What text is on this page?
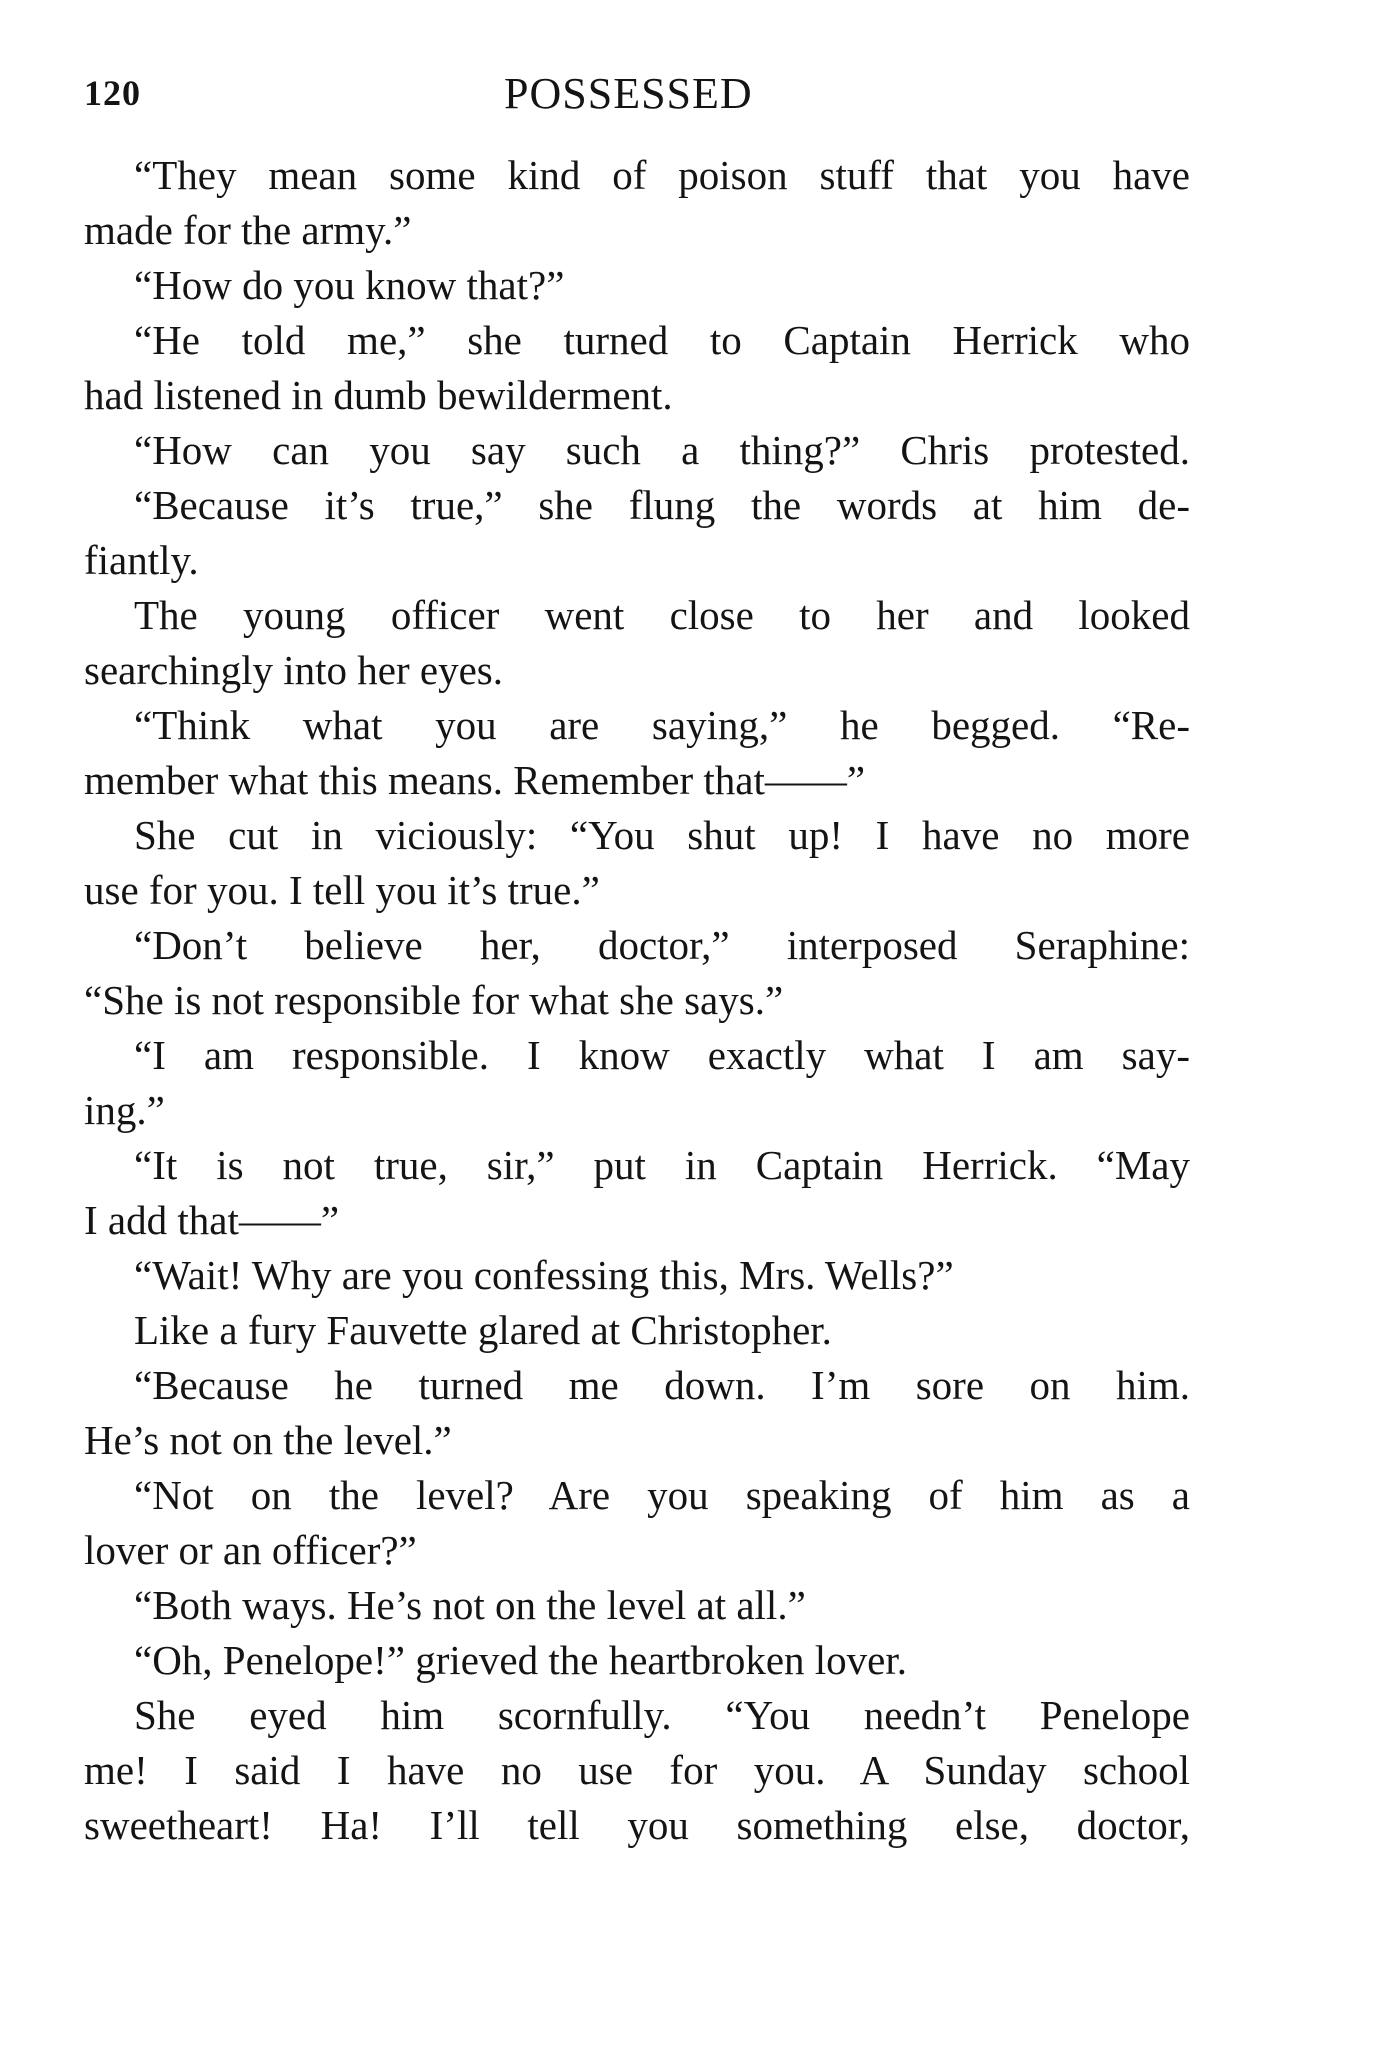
120	POSSESSED
“They mean some kind of poison stuff that you have
made for the army.”
“How do you know that?”
“He told me,” she turned to Captain Herrick who
had listened in dumb bewilderment.
“How can you say such a thing?” Chris protested.
“Because it’s true,” she flung the words at him de-
fiantly.
The young officer went close to her and looked
searchingly into her eyes.
“Think what you are saying,” he begged. “Re-
member what this means. Remember that——”
She cut in viciously: “You shut up! I have no more
use for you. I tell you it’s true.”
“Don’t believe her, doctor,” interposed Seraphine:
“She is not responsible for what she says.”
“I am responsible. I know exactly what I am say-
ing.”
“It is not true, sir,” put in Captain Herrick. “May
I add that——”
“Wait! Why are you confessing this, Mrs. Wells?”
Like a fury Fauvette glared at Christopher.
“Because he turned me down. I’m sore on him.
He’s not on the level.”
“Not on the level? Are you speaking of him as a
lover or an officer?”
“Both ways. He’s not on the level at all.”
“Oh, Penelope!” grieved the heartbroken lover.
She eyed him scornfully. “You needn’t Penelope
me! I said I have no use for you. A Sunday school
sweetheart! Ha! I’ll tell you something else, doctor,
